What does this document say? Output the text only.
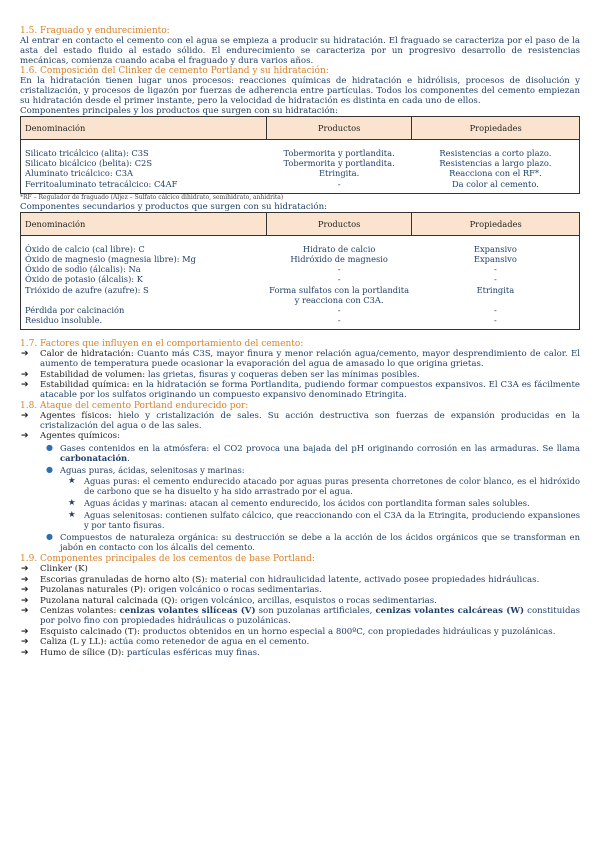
1.5. Fraguado y endurecimiento:

Al entrar en contacto el cemento con el agua se empieza a producir su hidratación. El fraguado se caracteriza por el paso de la asta del estado fluido al estado sólido. El endurecimiento se caracteriza por un progresivo desarrollo de resistencias mecánicas, comienza cuando acaba el fraguado y dura varios años.

1.6. Composición del Clinker de cemento Portland y su hidratación:

En la hidratación tienen lugar unos procesos: reacciones químicas de hidratación e hidrólisis, procesos de disolución y cristalización, y procesos de ligazón por fuerzas de adherencia entre partículas. Todos los componentes del cemento empiezan su hidratación desde el primer instante, pero la velocidad de hidratación es distinta en cada uno de ellos.

Componentes principales y los productos que surgen con su hidratación:

Denominación	Productos	Propiedades

Silicato tricálcico (alita): C3S	Tobermorita y portlandita.	Resistencias a corto plazo.
Silicato bicálcico (belita): C2S	Tobermorita y portlandita.	Resistencias a largo plazo.
Aluminato tricálcico: C3A	Etringita.	Reacciona con el RF*.
Ferritoaluminato tetracálcico: C4AF	-	Da color al cemento.

*RF – Regulador de fraguado (Aljez – Sulfato cálcico dihidrato, semihidrato, anhidrita)

Componentes secundarios y productos que surgen con su hidratación:

Denominación	Productos	Propiedades

Óxido de calcio (cal libre): C	Hidrato de calcio	Expansivo
Óxido de magnesio (magnesia libre): Mg	Hidróxido de magnesio	Expansivo
Óxido de sodio (álcalis): Na	-	-
Óxido de potasio (álcalis): K	-	-
Trióxido de azufre (azufre): S	Forma sulfatos con la portlandita y reacciona con C3A.	Etringita
Pérdida por calcinación	-	-
Residuo insoluble.	-	-

1.7. Factores que influyen en el comportamiento del cemento:

➔ Calor de hidratación: Cuanto más C3S, mayor finura y menor relación agua/cemento, mayor desprendimiento de calor. El aumento de temperatura puede ocasionar la evaporación del agua de amasado lo que origina grietas.
➔ Estabilidad de volumen: las grietas, fisuras y coqueras deben ser las mínimas posibles.
➔ Estabilidad química: en la hidratación se forma Portlandita, pudiendo formar compuestos expansivos. El C3A es fácilmente atacable por los sulfatos originando un compuesto expansivo denominado Etringita.

1.8. Ataque del cemento Portland endurecido por:

➔ Agentes físicos: hielo y cristalización de sales. Su acción destructiva son fuerzas de expansión producidas en la cristalización del agua o de las sales.
➔ Agentes químicos:
● Gases contenidos en la atmósfera: el CO2 provoca una bajada del pH originando corrosión en las armaduras. Se llama carbonatación.
● Aguas puras, ácidas, selenitosas y marinas:
★ Aguas puras: el cemento endurecido atacado por aguas puras presenta chorretones de color blanco, es el hidróxido de carbono que se ha disuelto y ha sido arrastrado por el agua.
★ Aguas ácidas y marinas: atacan al cemento endurecido, los ácidos con portlandita forman sales solubles.
★ Aguas selenitosas: contienen sulfato cálcico, que reaccionando con el C3A da la Etringita, produciendo expansiones y por tanto fisuras.
● Compuestos de naturaleza orgánica: su destrucción se debe a la acción de los ácidos orgánicos que se transforman en jabón en contacto con los álcalis del cemento.

1.9. Componentes principales de los cementos de base Portland:

➔ Clinker (K)
➔ Escorias granuladas de horno alto (S): material con hidraulicidad latente, activado posee propiedades hidráulicas.
➔ Puzolanas naturales (P): origen volcánico o rocas sedimentarias.
➔ Puzolana natural calcinada (Q): origen volcánico, arcillas, esquistos o rocas sedimentarias.
➔ Cenizas volantes: cenizas volantes silíceas (V) son puzolanas artificiales, cenizas volantes calcáreas (W) constituidas por polvo fino con propiedades hidráulicas o puzolánicas.
➔ Esquisto calcinado (T): productos obtenidos en un horno especial a 800ºC, con propiedades hidráulicas y puzolánicas.
➔ Caliza (L y LL): actúa como retenedor de agua en el cemento.
➔ Humo de sílice (D): partículas esféricas muy finas.
